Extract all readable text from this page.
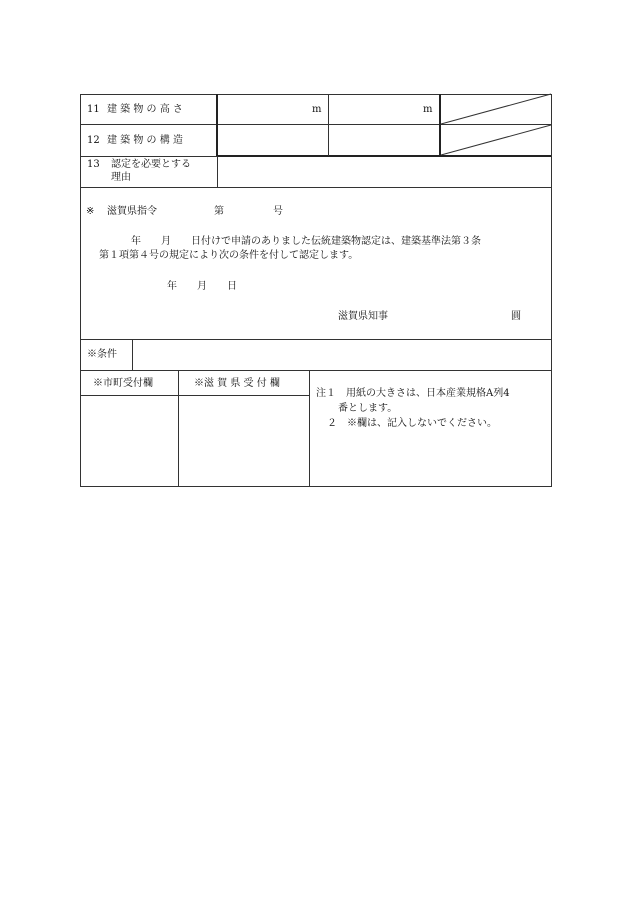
11 建 築 物 の 高 さ	m	m
12 建 築 物 の 構 造
13 認定を必要とする
理由
※ 滋賀県指令	第	号
年　　月　　日付けで申請のありました伝統建築物認定は、建築基準法第３条
第１項第４号の規定により次の条件を付して認定します。
年　　月　　日
滋賀県知事	圓
※条件
※市町受付欄	※滋 賀 県 受 付 欄
注１　用紙の大きさは、日本産業規格A列4
番とします。
２　※欄は、記入しないでください。
